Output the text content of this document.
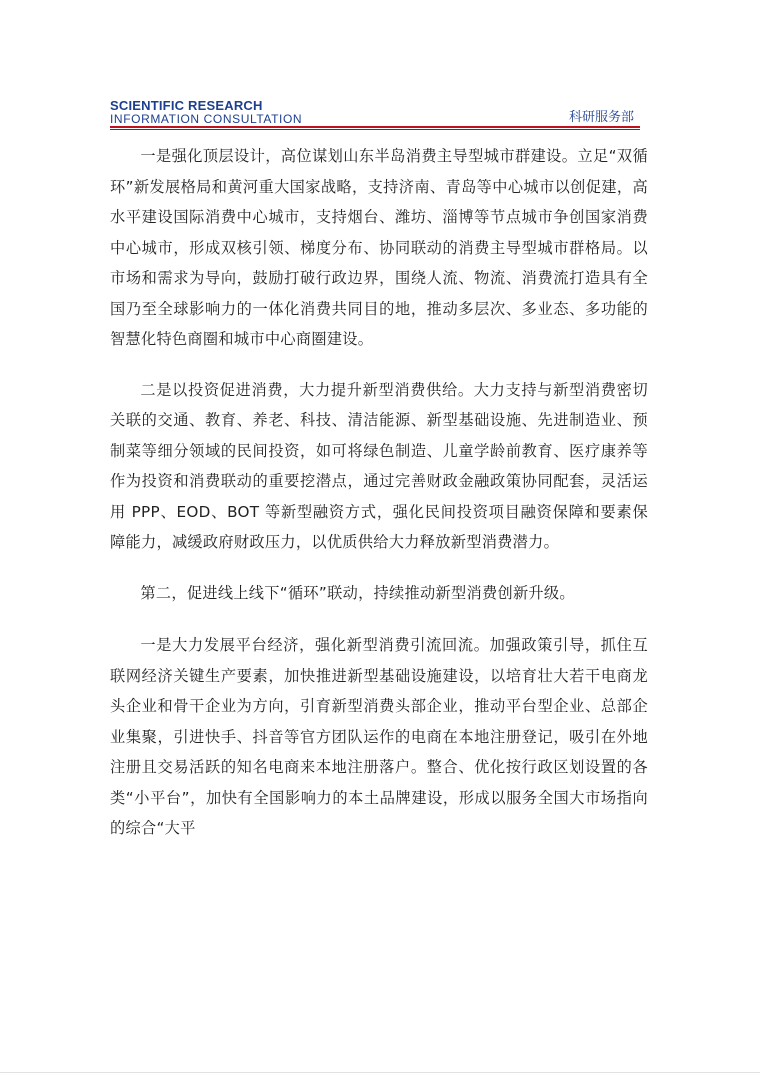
SCIENTIFIC RESEARCH
INFORMATION CONSULTATION	科研服务部

一是强化顶层设计，高位谋划山东半岛消费主导型城市群建设。立足“双循环”新发展格局和黄河重大国家战略，支持济南、青岛等中心城市以创促建，高水平建设国际消费中心城市，支持烟台、潍坊、淄博等节点城市争创国家消费中心城市，形成双核引领、梯度分布、协同联动的消费主导型城市群格局。以市场和需求为导向，鼓励打破行政边界，围绕人流、物流、消费流打造具有全国乃至全球影响力的一体化消费共同目的地，推动多层次、多业态、多功能的智慧化特色商圈和城市中心商圈建设。

二是以投资促进消费，大力提升新型消费供给。大力支持与新型消费密切关联的交通、教育、养老、科技、清洁能源、新型基础设施、先进制造业、预制菜等细分领域的民间投资，如可将绿色制造、儿童学龄前教育、医疗康养等作为投资和消费联动的重要挖潜点，通过完善财政金融政策协同配套，灵活运用 PPP、EOD、BOT 等新型融资方式，强化民间投资项目融资保障和要素保障能力，减缓政府财政压力，以优质供给大力释放新型消费潜力。

第二，促进线上线下“循环”联动，持续推动新型消费创新升级。

一是大力发展平台经济，强化新型消费引流回流。加强政策引导，抓住互联网经济关键生产要素，加快推进新型基础设施建设，以培育壮大若干电商龙头企业和骨干企业为方向，引育新型消费头部企业，推动平台型企业、总部企业集聚，引进快手、抖音等官方团队运作的电商在本地注册登记，吸引在外地注册且交易活跃的知名电商来本地注册落户。整合、优化按行政区划设置的各类“小平台”，加快有全国影响力的本土品牌建设，形成以服务全国大市场指向的综合“大平
